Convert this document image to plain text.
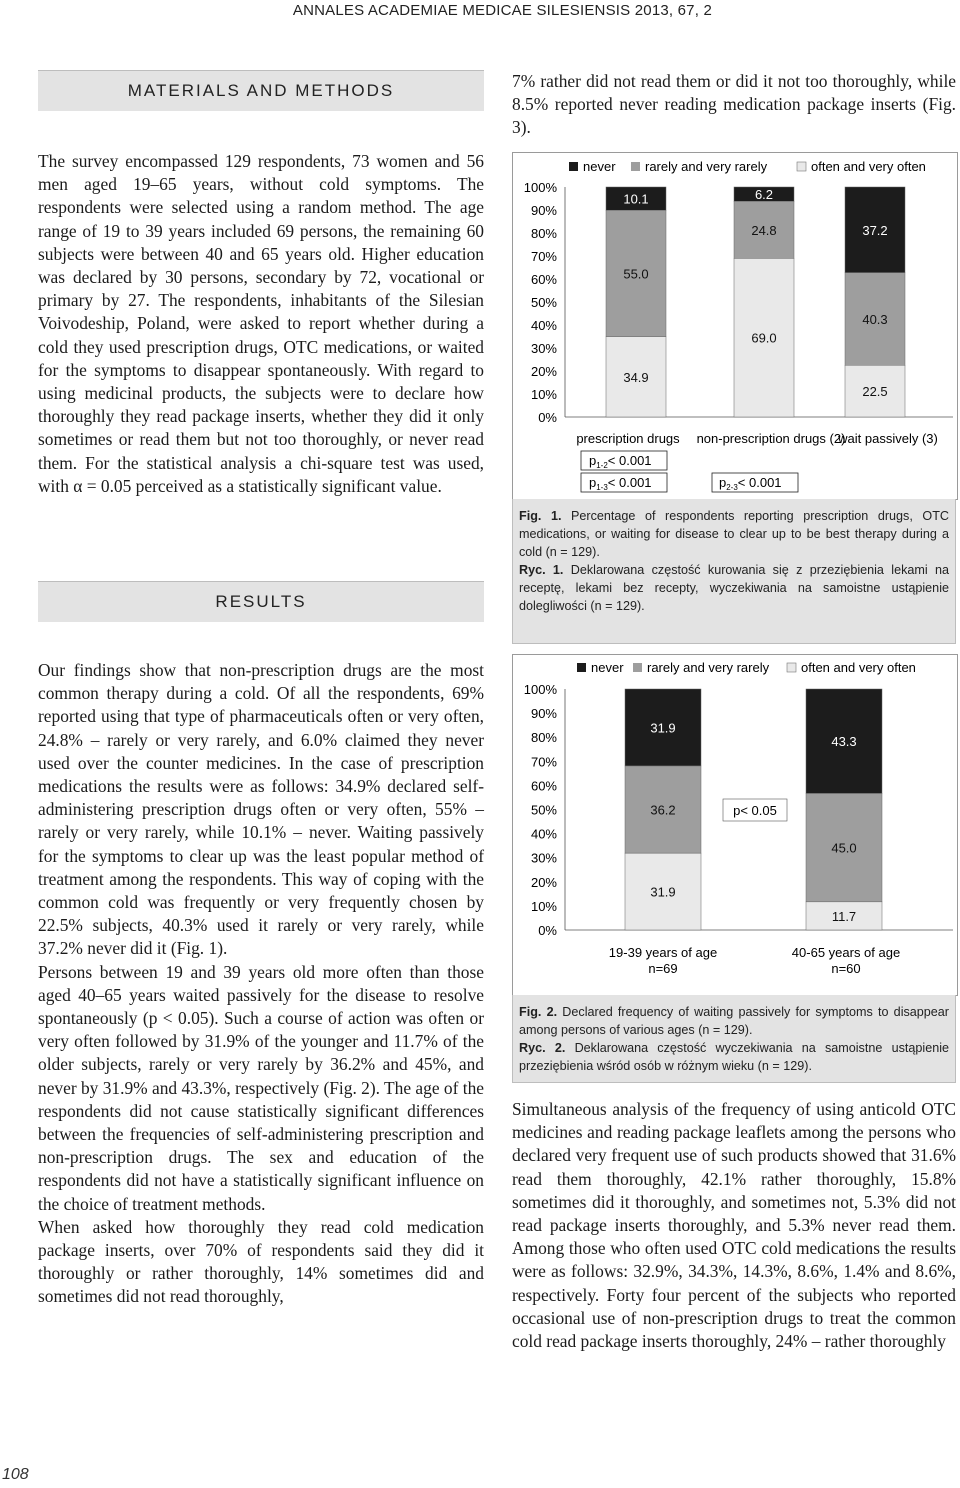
ANNALES ACADEMIAE MEDICAE SILESIENSIS 2013, 67, 2
MATERIALS AND METHODS

The survey encompassed 129 respondents, 73 women and 56 men aged 19–65 years, without cold symptoms. The respondents were selected using a random method. The age range of 19 to 39 years included 69 persons, the remaining 60 subjects were between 40 and 65 years old. Higher education was declared by 30 persons, secondary by 72, vocational or primary by 27. The respondents, inhabitants of the Silesian Voivodeship, Poland, were asked to report whether during a cold they used prescription drugs, OTC medications, or waited for the symptoms to disappear spontaneously. With regard to using medicinal products, the subjects were to declare how thoroughly they read package inserts, whether they did it only sometimes or read them but not too thoroughly, or never read them. For the statistical analysis a chi-square test was used, with α = 0.05 perceived as a statistically significant value.

RESULTS

Our findings show that non-prescription drugs are the most common therapy during a cold. Of all the respondents, 69% reported using that type of pharmaceuticals often or very often, 24.8% – rarely or very rarely, and 6.0% claimed they never used over the counter medicines. In the case of prescription medications the results were as follows: 34.9% declared self-administering prescription drugs often or very often, 55% – rarely or very rarely, while 10.1% – never. Waiting passively for the symptoms to clear up was the least popular method of treatment among the respondents. This way of coping with the common cold was frequently or very frequently chosen by 22.5% subjects, 40.3% used it rarely or very rarely, while 37.2% never did it (Fig. 1).

Persons between 19 and 39 years old more often than those aged 40–65 years waited passively for the disease to resolve spontaneously (p < 0.05). Such a course of action was often or very often followed by 31.9% of the younger and 11.7% of the older subjects, rarely or very rarely by 36.2% and 45%, and never by 31.9% and 43.3%, respectively (Fig. 2). The age of the respondents did not cause statistically significant differences between the frequencies of self-administering prescription and non-prescription drugs. The sex and education of the respondents did not have a statistically significant influence on the choice of treatment methods.

When asked how thoroughly they read cold medication package inserts, over 70% of respondents said they did it thoroughly or rather thoroughly, 14% sometimes did and sometimes did not read thoroughly,

7% rather did not read them or did it not too thoroughly, while 8.5% reported never reading medication package inserts (Fig. 3).

never rarely and very rarely	often and very often
100%
90%
80%
70%
60%
50%
40%
30%
20%
10%
0%
34.9
55.0
10.1
69.0
24.8
6.2
22.5
40.3
37.2
prescription drugs non-prescription drugs (2)
wait passively (3)
$p_{1-2}< 0.001$
$p_{1-3}< 0.001$	$p_{2-3}< 0.001$

Fig. 1. Percentage of respondents reporting prescription drugs, OTC medications, or waiting for disease to clear up to be best therapy during a cold (n = 129).

Ryc. 1. Deklarowana częstość kurowania się z przeziębienia lekami na receptę, lekami bez recepty, wyczekiwania na samoistne ustąpienie dolegliwości (n = 129).

never rarely and very rarely often and very often
100%
90%
80%
70%
60%
50%
40%
30%
20%
10%
0%
31.9
36.2
31.9
11.7
45.0
43.3
p< 0.05
19-39 years of age
n=69
40-65 years of age
n=60

Fig. 2. Declared frequency of waiting passively for symptoms to disappear among persons of various ages (n = 129).

Ryc. 2. Deklarowana częstość wyczekiwania na samoistne ustąpienie przeziębienia wśród osób w różnym wieku (n = 129).

Simultaneous analysis of the frequency of using anticold OTC medicines and reading package leaflets among the persons who declared very frequent use of such products showed that 31.6% read them thoroughly, 42.1% rather thoroughly, 15.8% sometimes did it thoroughly, and sometimes not, 5.3% did not read package inserts thoroughly, and 5.3% never read them. Among those who often used OTC cold medications the results were as follows: 32.9%, 34.3%, 14.3%, 8.6%, 1.4% and 8.6%, respectively. Forty four percent of the subjects who reported occasional use of non-prescription drugs to treat the common cold read package inserts thoroughly, 24% – rather thoroughly

108
